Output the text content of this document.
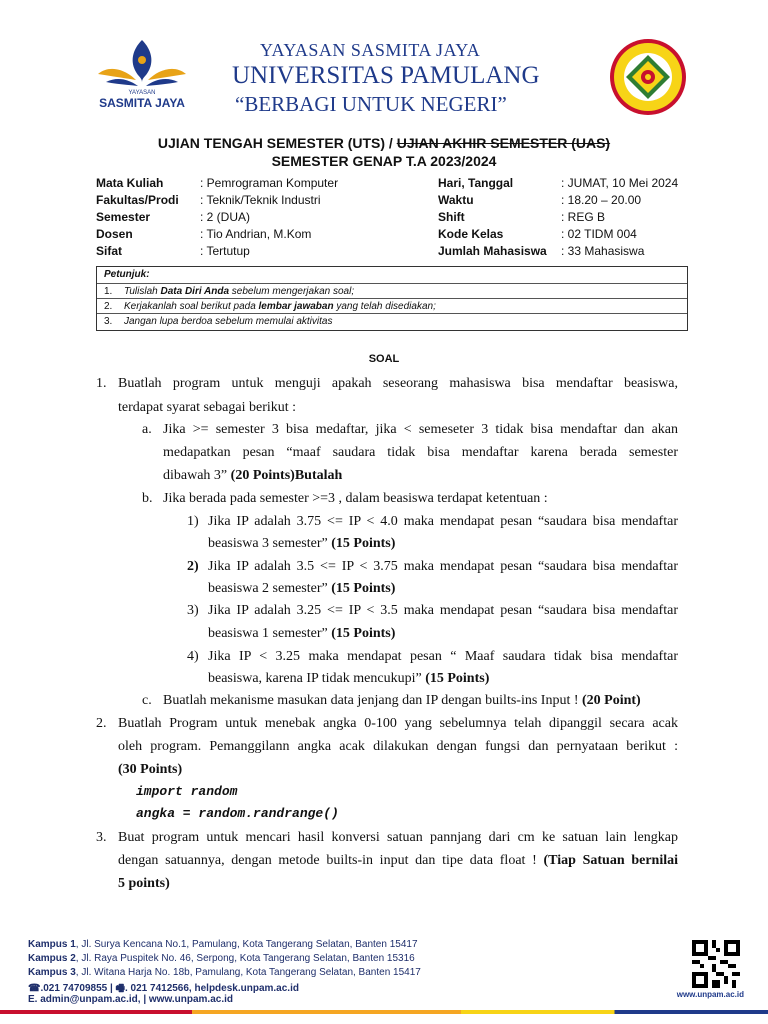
YAYASAN
SASMITA JAYA
YAYASAN SASMITA JAYA
UNIVERSITAS PAMULANG
“BERBAGI UNTUK NEGERI”
UJIAN TENGAH SEMESTER (UTS) / UJIAN AKHIR SEMESTER (UAS)
SEMESTER GENAP T.A 2023/2024
Mata Kuliah	: Pemrograman Komputer
Fakultas/Prodi : Teknik/Teknik Industri
Semester	: 2 (DUA)
Dosen	: Tio Andrian, M.Kom
Sifat	: Tertutup
Hari, Tanggal	: JUMAT, 10 Mei 2024
Waktu	: 18.20 – 20.00
Shift	: REG B
Kode Kelas	: 02 TIDM 004
Jumlah Mahasiswa : 33 Mahasiswa
Petunjuk:
1. Tulislah Data Diri Anda sebelum mengerjakan soal;
2. Kerjakanlah soal berikut pada lembar jawaban yang telah disediakan;
3. Jangan lupa berdoa sebelum memulai aktivitas
SOAL
1. Buatlah program untuk menguji apakah seseorang mahasiswa bisa mendaftar beasiswa,
terdapat syarat sebagai berikut :
a. Jika >= semester 3 bisa medaftar, jika < semeseter 3 tidak bisa mendaftar dan akan
medapatkan pesan “maaf saudara tidak bisa mendaftar karena berada semester
dibawah 3” (20 Points)Butalah
b. Jika berada pada semester >=3 , dalam beasiswa terdapat ketentuan :
1) Jika IP adalah 3.75 <= IP < 4.0 maka mendapat pesan “saudara bisa mendaftar
beasiswa 3 semester” (15 Points)
2) Jika IP adalah 3.5 <= IP < 3.75 maka mendapat pesan “saudara bisa mendaftar
beasiswa 2 semester” (15 Points)
3) Jika IP adalah 3.25 <= IP < 3.5 maka mendapat pesan “saudara bisa mendaftar
beasiswa 1 semester” (15 Points)
4) Jika IP < 3.25 maka mendapat pesan “ Maaf saudara tidak bisa mendaftar
beasiswa, karena IP tidak mencukupi” (15 Points)
c. Buatlah mekanisme masukan data jenjang dan IP dengan builts-ins Input ! (20 Point)
2. Buatlah Program untuk menebak angka 0-100 yang sebelumnya telah dipanggil secara acak
oleh program. Pemanggilann angka acak dilakukan dengan fungsi dan pernyataan berikut :
(30 Points)
import random
angka = random.randrange()
3. Buat program untuk mencari hasil konversi satuan pannjang dari cm ke satuan lain lengkap
dengan satuannya, dengan metode builts-in input dan tipe data float ! (Tiap Satuan bernilai
5 points)
Kampus 1, Jl. Surya Kencana No.1, Pamulang, Kota Tangerang Selatan, Banten 15417
Kampus 2, Jl. Raya Puspitek No. 46, Serpong, Kota Tangerang Selatan, Banten 15316
Kampus 3, Jl. Witana Harja No. 18b, Pamulang, Kota Tangerang Selatan, Banten 15417
☎.021 74709855 | 🖷. 021 7412566, helpdesk.unpam.ac.id
E. admin@unpam.ac.id, | www.unpam.ac.id	www.unpam.ac.id
